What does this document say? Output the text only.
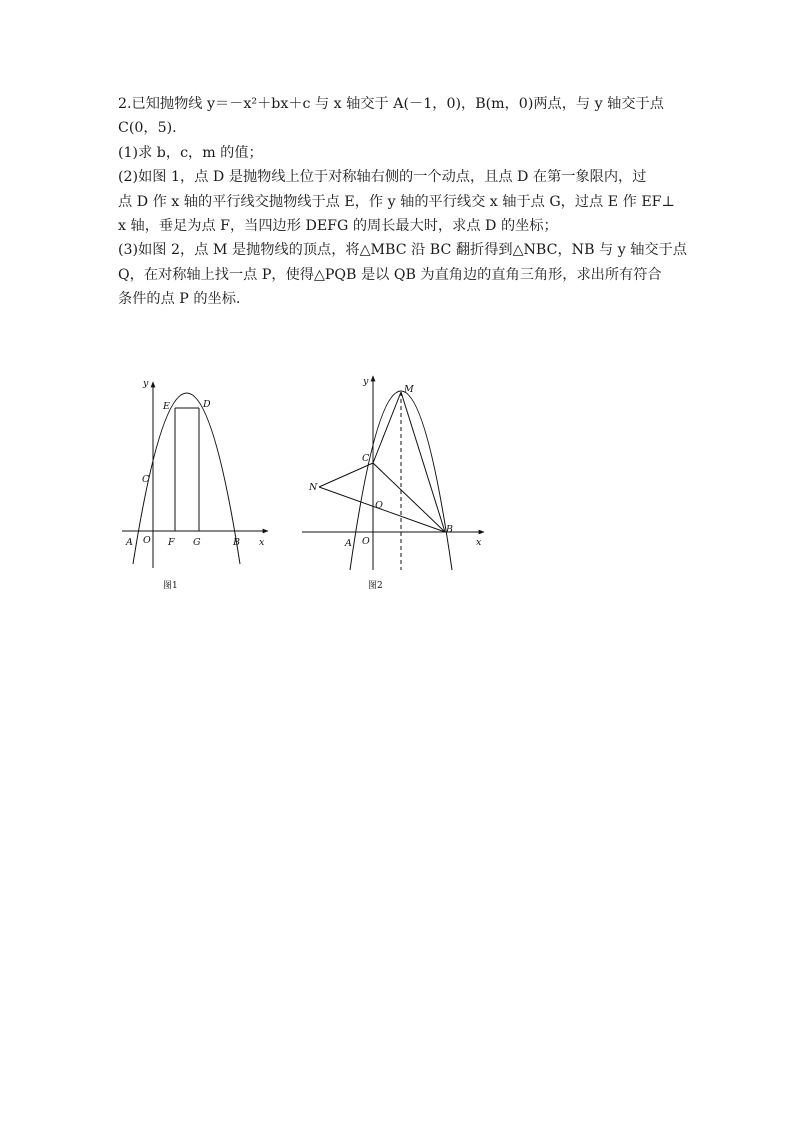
2.已知抛物线 y＝－x²＋bx＋c 与 x 轴交于 A(－1，0)，B(m，0)两点，与 y 轴交于点
C(0，5).
(1)求 b，c，m 的值；
(2)如图 1，点 D 是抛物线上位于对称轴右侧的一个动点，且点 D 在第一象限内，过
点 D 作 x 轴的平行线交抛物线于点 E，作 y 轴的平行线交 x 轴于点 G，过点 E 作 EF⊥
x 轴，垂足为点 F，当四边形 DEFG 的周长最大时，求点 D 的坐标；
(3)如图 2，点 M 是抛物线的顶点，将△MBC 沿 BC 翻折得到△NBC，NB 与 y 轴交于点
Q，在对称轴上找一点 P，使得△PQB 是以 QB 为直角边的直角三角形，求出所有符合
条件的点 P 的坐标.
y
x
E	D
C
A O F G	B
图1
y
x
M
C
N
Q
B
A O
图2
